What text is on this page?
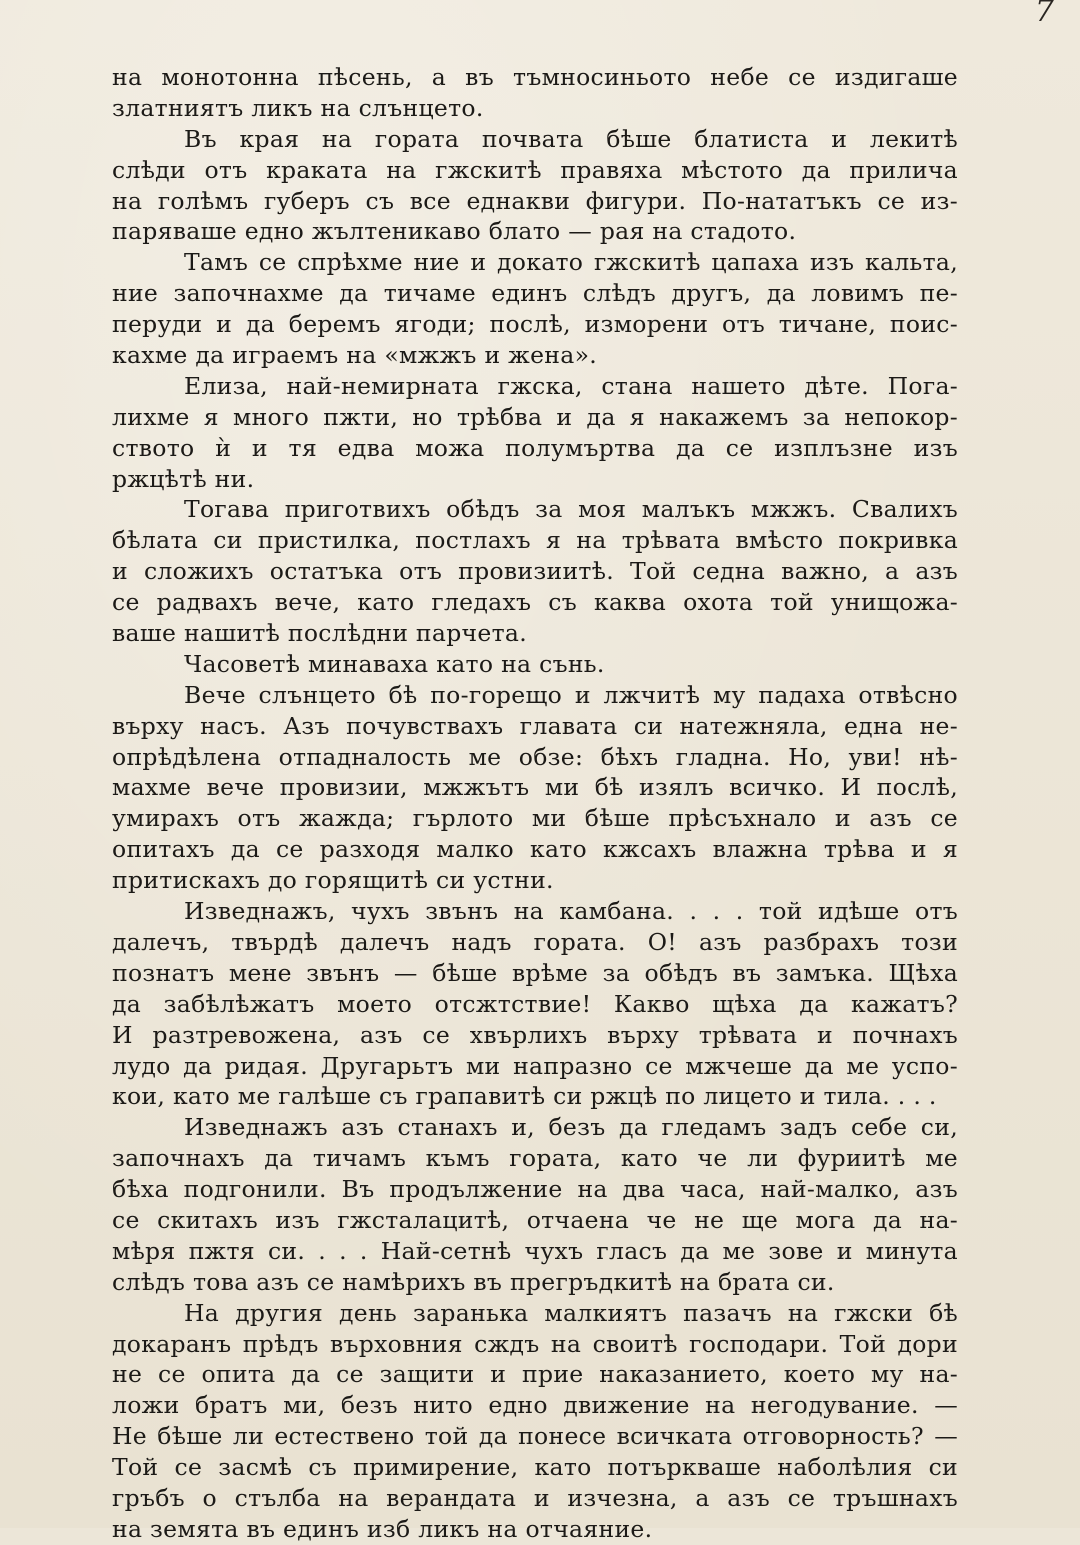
7
на монотонна пѣсень, а въ тъмносиньото небе се издигаше
златниятъ ликъ на слънцето.
Въ края на гората почвата бѣше блатиста и лекитѣ
слѣди отъ краката на гжскитѣ правяха мѣстото да прилича
на голѣмъ губеръ съ все еднакви фигури. По-нататъкъ се из-
паряваше едно жълтеникаво блато — рая на стадото.
Тамъ се спрѣхме ние и докато гжскитѣ цапаха изъ кальта,
ние започнахме да тичаме единъ слѣдъ другъ, да ловимъ пе-
перуди и да беремъ ягоди; послѣ, изморени отъ тичане, поис-
кахме да играемъ на «мжжъ и жена».
Елиза, най-немирната гжска, стана нашето дѣте. Пога-
лихме я много пжти, но трѣбва и да я накажемъ за непокор-
ството ѝ и тя едва можа полумъртва да се изплъзне изъ
ржцѣтѣ ни.
Тогава приготвихъ обѣдъ за моя малъкъ мжжъ. Свалихъ
бѣлата си пристилка, постлахъ я на трѣвата вмѣсто покривка
и сложихъ остатъка отъ провизиитѣ. Той седна важно, а азъ
се радвахъ вече, като гледахъ съ каква охота той унищожа-
ваше нашитѣ послѣдни парчета.
Часоветѣ минаваха като на сънь.
Вече слънцето бѣ по-горещо и лжчитѣ му падаха отвѣсно
върху насъ. Азъ почувствахъ главата си натежняла, една не-
опрѣдѣлена отпадналость ме обзе: бѣхъ гладна. Но, уви! нѣ-
махме вече провизии, мжжътъ ми бѣ изялъ всичко. И послѣ,
умирахъ отъ жажда; гърлото ми бѣше прѣсъхнало и азъ се
опитахъ да се разходя малко като кжсахъ влажна трѣва и я
притискахъ до горящитѣ си устни.
Изведнажъ, чухъ звънъ на камбана. . . . той идѣше отъ
далечъ, твърдѣ далечъ надъ гората. О! азъ разбрахъ този
познатъ мене звънъ — бѣше врѣме за обѣдъ въ замъка. Щѣха
да забѣлѣжатъ моето отсжтствие! Какво щѣха да кажатъ?
И разтревожена, азъ се хвърлихъ върху трѣвата и почнахъ
лудо да ридая. Другарьтъ ми напразно се мжчеше да ме успо-
кои, като ме галѣше съ грапавитѣ си ржцѣ по лицето и тила. . . .
Изведнажъ азъ станахъ и, безъ да гледамъ задъ себе си,
започнахъ да тичамъ къмъ гората, като че ли фуриитѣ ме
бѣха подгонили. Въ продължение на два часа, най-малко, азъ
се скитахъ изъ гжсталацитѣ, отчаена че не ще мога да на-
мѣря пжтя си. . . . Най-сетнѣ чухъ гласъ да ме зове и минута
слѣдъ това азъ се намѣрихъ въ прегръдкитѣ на брата си.
На другия день заранька малкиятъ пазачъ на гжски бѣ
докаранъ прѣдъ върховния сждъ на своитѣ господари. Той дори
не се опита да се защити и прие наказанието, което му на-
ложи братъ ми, безъ нито едно движение на негодувание. —
Не бѣше ли естествено той да понесе всичката отговорность? —
Той се засмѣ съ примирение, като потъркваше наболѣлия си
гръбъ о стълба на верандата и изчезна, а азъ се тръшнахъ
на земята въ единъ изб ликъ на отчаяние.
